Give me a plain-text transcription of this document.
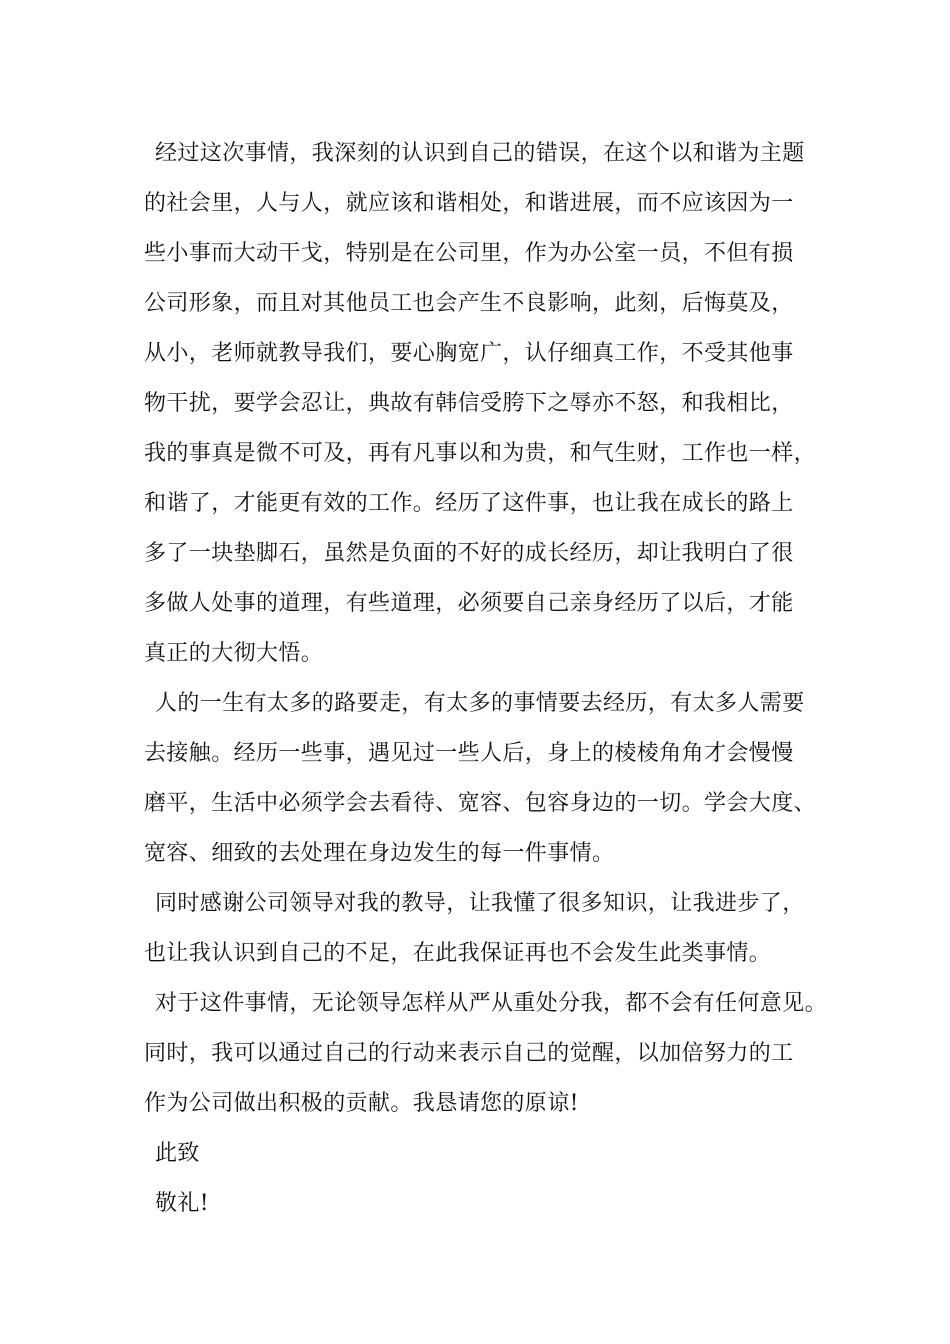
经过这次事情，我深刻的认识到自己的错误，在这个以和谐为主题
的社会里，人与人，就应该和谐相处，和谐进展，而不应该因为一
些小事而大动干戈，特别是在公司里，作为办公室一员，不但有损
公司形象，而且对其他员工也会产生不良影响，此刻，后悔莫及，
从小，老师就教导我们，要心胸宽广，认仔细真工作，不受其他事
物干扰，要学会忍让，典故有韩信受胯下之辱亦不怒，和我相比，
我的事真是微不可及，再有凡事以和为贵，和气生财，工作也一样，
和谐了，才能更有效的工作。经历了这件事，也让我在成长的路上
多了一块垫脚石，虽然是负面的不好的成长经历，却让我明白了很
多做人处事的道理，有些道理，必须要自己亲身经历了以后，才能
真正的大彻大悟。
人的一生有太多的路要走，有太多的事情要去经历，有太多人需要
去接触。经历一些事，遇见过一些人后，身上的棱棱角角才会慢慢
磨平，生活中必须学会去看待、宽容、包容身边的一切。学会大度、
宽容、细致的去处理在身边发生的每一件事情。
同时感谢公司领导对我的教导，让我懂了很多知识，让我进步了，
也让我认识到自己的不足，在此我保证再也不会发生此类事情。
对于这件事情，无论领导怎样从严从重处分我，都不会有任何意见。
同时，我可以通过自己的行动来表示自己的觉醒，以加倍努力的工
作为公司做出积极的贡献。我恳请您的原谅!
此致
敬礼!
